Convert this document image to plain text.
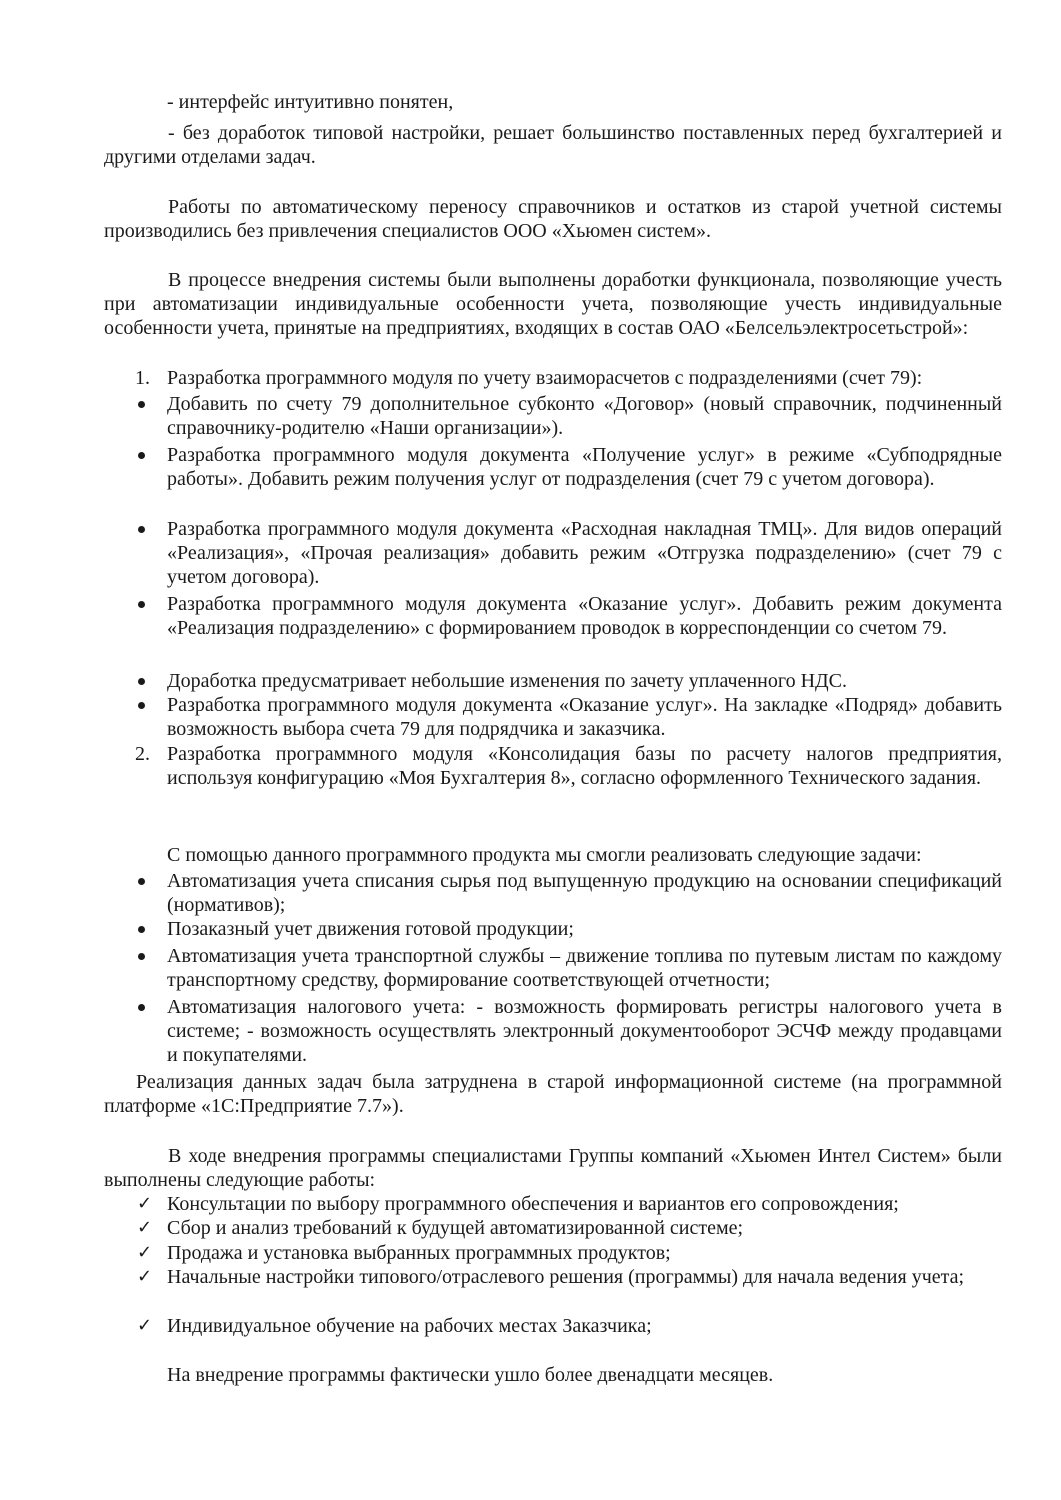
- интерфейс интуитивно понятен,

- без доработок типовой настройки, решает большинство поставленных перед бухгалтерией и другими отделами задач.

Работы по автоматическому переносу справочников и остатков из старой учетной системы производились без привлечения специалистов ООО «Хьюмен систем».

В процессе внедрения системы были выполнены доработки функционала, позволяющие учесть при автоматизации индивидуальные особенности учета, позволяющие учесть индивидуальные особенности учета, принятые на предприятиях, входящих в состав ОАО «Белсельэлектросетьстрой»:

1. Разработка программного модуля по учету взаиморасчетов с подразделениями (счет 79):
Добавить по счету 79 дополнительное субконто «Договор» (новый справочник, подчиненный справочнику-родителю «Наши организации»).
Разработка программного модуля документа «Получение услуг» в режиме «Субподрядные работы». Добавить режим получения услуг от подразделения (счет 79 с учетом договора).
Разработка программного модуля документа «Расходная накладная ТМЦ». Для видов операций «Реализация», «Прочая реализация» добавить режим «Отгрузка подразделению» (счет 79 с учетом договора).
Разработка программного модуля документа «Оказание услуг». Добавить режим документа «Реализация подразделению» с формированием проводок в корреспонденции со счетом 79.
Доработка предусматривает небольшие изменения по зачету уплаченного НДС.
Разработка программного модуля документа «Оказание услуг». На закладке «Подряд» добавить возможность выбора счета 79 для подрядчика и заказчика.
2. Разработка программного модуля «Консолидация базы по расчету налогов предприятия, используя конфигурацию «Моя Бухгалтерия 8», согласно оформленного Технического задания.

С помощью данного программного продукта мы смогли реализовать следующие задачи:

Автоматизация учета списания сырья под выпущенную продукцию на основании спецификаций (нормативов);
Позаказный учет движения готовой продукции;
Автоматизация учета транспортной службы – движение топлива по путевым листам по каждому транспортному средству, формирование соответствующей отчетности;
Автоматизация налогового учета: - возможность формировать регистры налогового учета в системе; - возможность осуществлять электронный документооборот ЭСЧФ между продавцами и покупателями.

Реализация данных задач была затруднена в старой информационной системе (на программной платформе «1С:Предприятие 7.7»).

В ходе внедрения программы специалистами Группы компаний «Хьюмен Интел Систем» были выполнены следующие работы:

✓ Консультации по выбору программного обеспечения и вариантов его сопровождения;
✓ Сбор и анализ требований к будущей автоматизированной системе;
✓ Продажа и установка выбранных программных продуктов;
✓ Начальные настройки типового/отраслевого решения (программы) для начала ведения учета;
✓ Индивидуальное обучение на рабочих местах Заказчика;

На внедрение программы фактически ушло более двенадцати месяцев.
